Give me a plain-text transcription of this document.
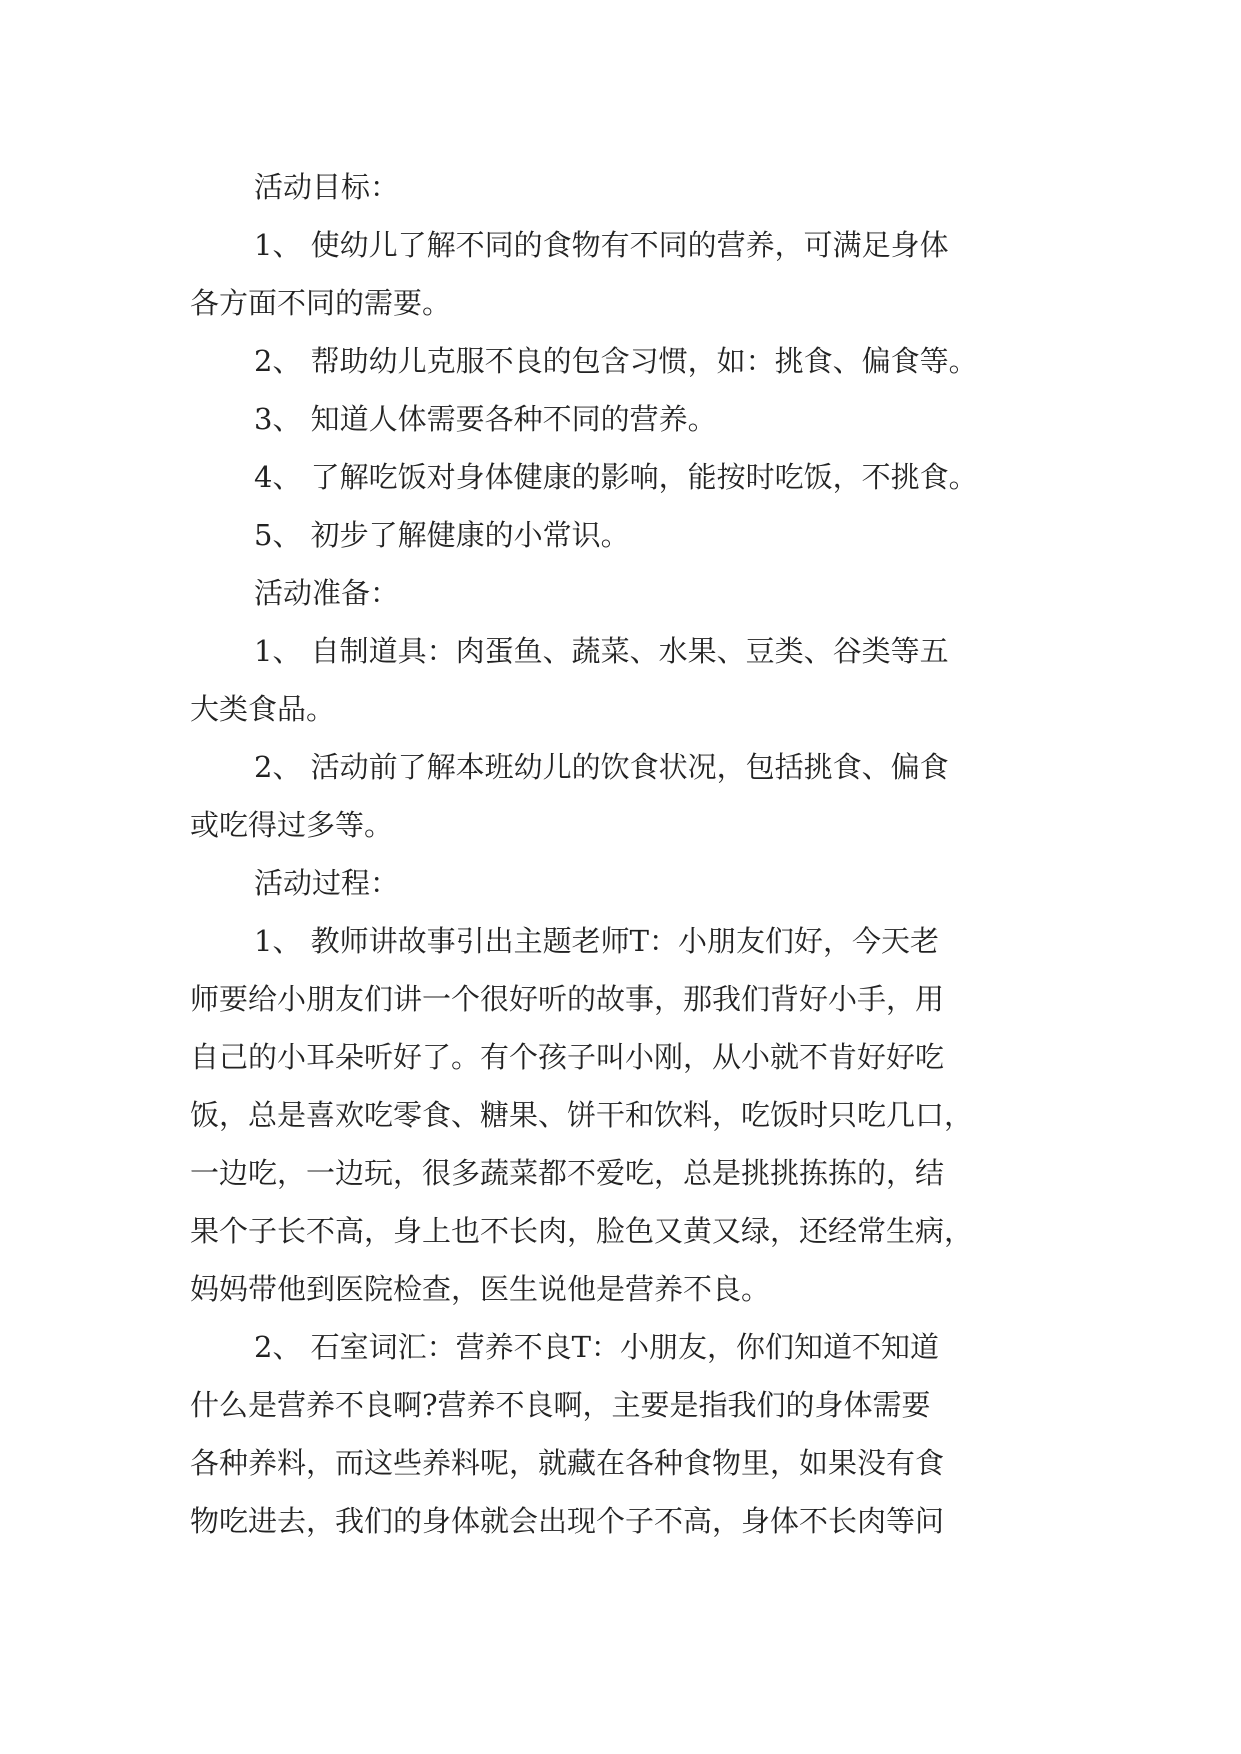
活动目标：
1、 使幼儿了解不同的食物有不同的营养，可满足身体
各方面不同的需要。
2、 帮助幼儿克服不良的包含习惯，如：挑食、偏食等。
3、 知道人体需要各种不同的营养。
4、 了解吃饭对身体健康的影响，能按时吃饭，不挑食。
5、 初步了解健康的小常识。
活动准备：
1、 自制道具：肉蛋鱼、蔬菜、水果、豆类、谷类等五
大类食品。
2、 活动前了解本班幼儿的饮食状况，包括挑食、偏食
或吃得过多等。
活动过程：
1、 教师讲故事引出主题老师T：小朋友们好，今天老
师要给小朋友们讲一个很好听的故事，那我们背好小手，用
自己的小耳朵听好了。有个孩子叫小刚，从小就不肯好好吃
饭，总是喜欢吃零食、糖果、饼干和饮料，吃饭时只吃几口，
一边吃，一边玩，很多蔬菜都不爱吃，总是挑挑拣拣的，结
果个子长不高，身上也不长肉，脸色又黄又绿，还经常生病，
妈妈带他到医院检查，医生说他是营养不良。
2、 石室词汇：营养不良T：小朋友，你们知道不知道
什么是营养不良啊?营养不良啊，主要是指我们的身体需要
各种养料，而这些养料呢，就藏在各种食物里，如果没有食
物吃进去，我们的身体就会出现个子不高，身体不长肉等问
